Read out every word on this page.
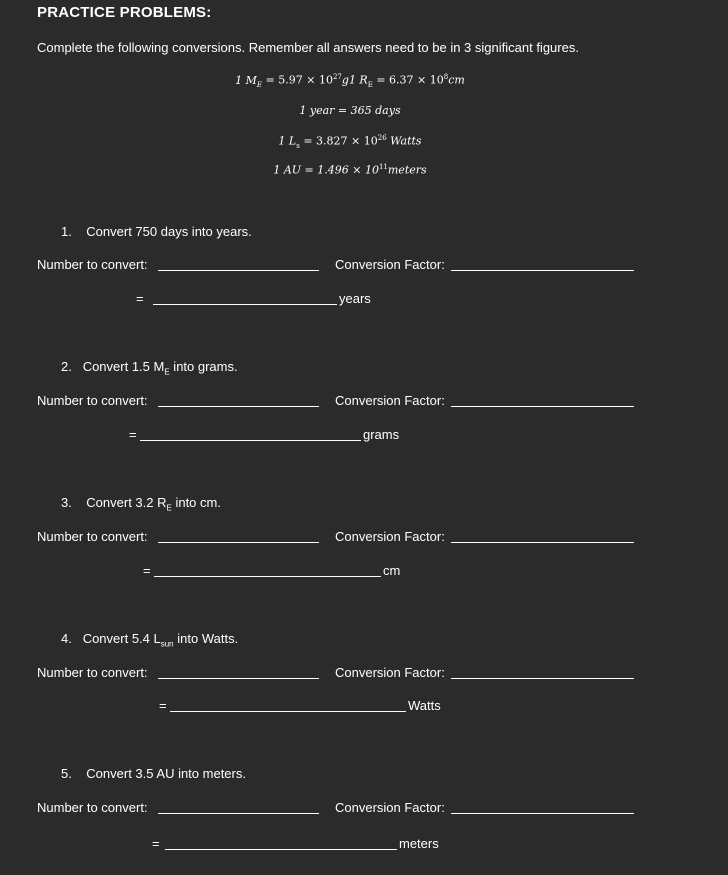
PRACTICE PROBLEMS:
Complete the following conversions. Remember all answers need to be in 3 significant figures.
1 $M_E = 5.97 \times 10^{27}g1$ $R_E = 6.37 \times 10^8cm$
1 year = 365 days
1 $L_s = 3.827 \times 10^{26}$ Watts
1 AU = $1.496 \times 10^{11}meters$
1. Convert 750 days into years.
Number to convert:	Conversion Factor:
=	years
2. Convert 1.5 $M_E$ into grams.
Number to convert:	Conversion Factor:
=	grams
3. Convert 3.2 $R_E$ into cm.
Number to convert:	Conversion Factor:
=	cm
4. Convert 5.4 $L_{sun}$ into Watts.
Number to convert:	Conversion Factor:
=	Watts
5. Convert 3.5 AU into meters.
Number to convert:	Conversion Factor:
=	meters
